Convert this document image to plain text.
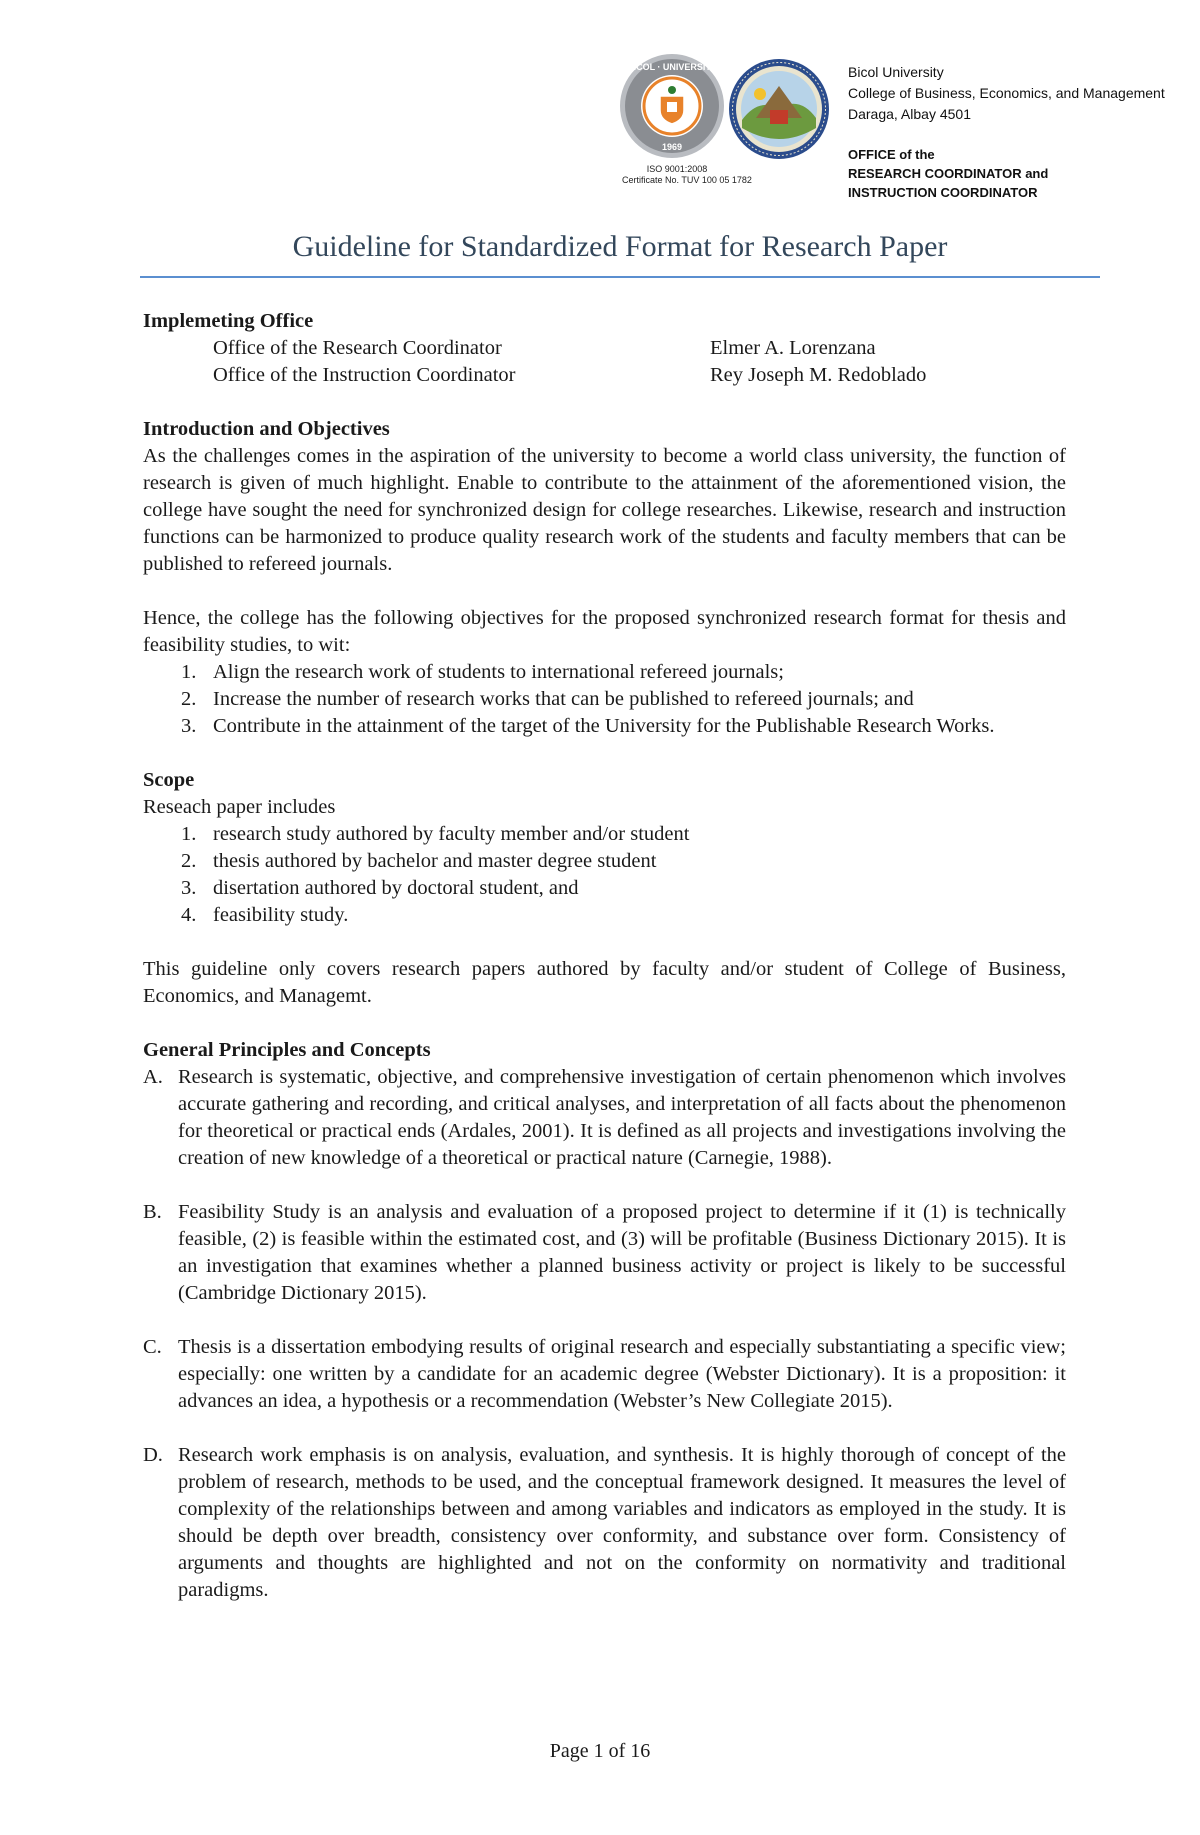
BICOL · UNIVERSITY
1969
ISO 9001:2008
Certificate No. TUV 100 05 1782
Bicol University
College of Business, Economics, and Management
Daraga, Albay 4501
OFFICE of the
RESEARCH COORDINATOR and
INSTRUCTION COORDINATOR
Guideline for Standardized Format for Research Paper
Implemeting Office
Office of the Research Coordinator	Elmer A. Lorenzana
Office of the Instruction Coordinator	Rey Joseph M. Redoblado
Introduction and Objectives
As the challenges comes in the aspiration of the university to become a world class university, the function of research is given of much highlight. Enable to contribute to the attainment of the aforementioned vision, the college have sought the need for synchronized design for college researches. Likewise, research and instruction functions can be harmonized to produce quality research work of the students and faculty members that can be published to refereed journals.
Hence, the college has the following objectives for the proposed synchronized research format for thesis and feasibility studies, to wit:
1. Align the research work of students to international refereed journals;
2. Increase the number of research works that can be published to refereed journals; and
3. Contribute in the attainment of the target of the University for the Publishable Research Works.
Scope
Reseach paper includes
1. research study authored by faculty member and/or student
2. thesis authored by bachelor and master degree student
3. disertation authored by doctoral student, and
4. feasibility study.
This guideline only covers research papers authored by faculty and/or student of College of Business, Economics, and Managemt.
General Principles and Concepts
A. Research is systematic, objective, and comprehensive investigation of certain phenomenon which involves accurate gathering and recording, and critical analyses, and interpretation of all facts about the phenomenon for theoretical or practical ends (Ardales, 2001). It is defined as all projects and investigations involving the creation of new knowledge of a theoretical or practical nature (Carnegie, 1988).
B. Feasibility Study is an analysis and evaluation of a proposed project to determine if it (1) is technically feasible, (2) is feasible within the estimated cost, and (3) will be profitable (Business Dictionary 2015). It is an investigation that examines whether a planned business activity or project is likely to be successful (Cambridge Dictionary 2015).
C. Thesis is a dissertation embodying results of original research and especially substantiating a specific view; especially: one written by a candidate for an academic degree (Webster Dictionary). It is a proposition: it advances an idea, a hypothesis or a recommendation (Webster’s New Collegiate 2015).
D. Research work emphasis is on analysis, evaluation, and synthesis. It is highly thorough of concept of the problem of research, methods to be used, and the conceptual framework designed. It measures the level of complexity of the relationships between and among variables and indicators as employed in the study. It is should be depth over breadth, consistency over conformity, and substance over form. Consistency of arguments and thoughts are highlighted and not on the conformity on normativity and traditional paradigms.
Page 1 of 16
